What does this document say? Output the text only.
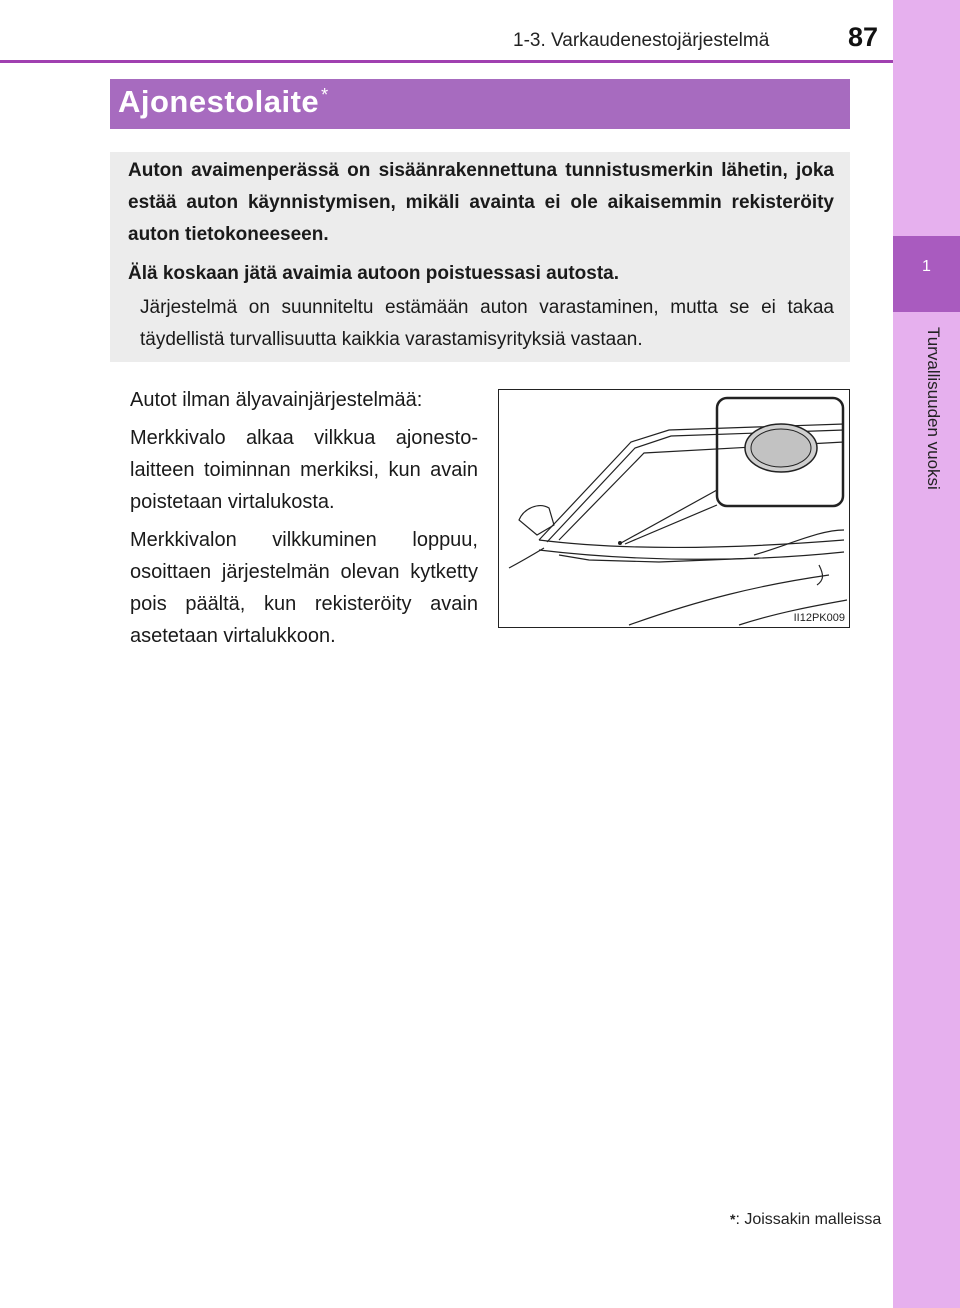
1-3. Varkaudenestojärjestelmä	87
1
Turvallisuuden vuoksi
Ajonestolaite *

Auton avaimenperässä on sisäänrakennettuna tunnistusmerkin lähetin, joka estää auton käynnistymisen, mikäli avainta ei ole aikaisemmin rekisteröity auton tietokoneeseen.

Älä koskaan jätä avaimia autoon poistuessasi autosta.

Järjestelmä on suunniteltu estämään auton varastaminen, mutta se ei takaa täydellistä turvallisuutta kaikkia varastamisyrityksiä vastaan.

Autot ilman älyavainjärjestelmää:

Merkkivalo alkaa vilkkua ajonestolaitteen toiminnan merkiksi, kun avain poistetaan virtalukosta.

Merkkivalon vilkkuminen loppuu, osoittaen järjestelmän olevan kytketty pois päältä, kun rekisteröity avain asetetaan virtalukkoon.

II12PK009
*: Joissakin malleissa
